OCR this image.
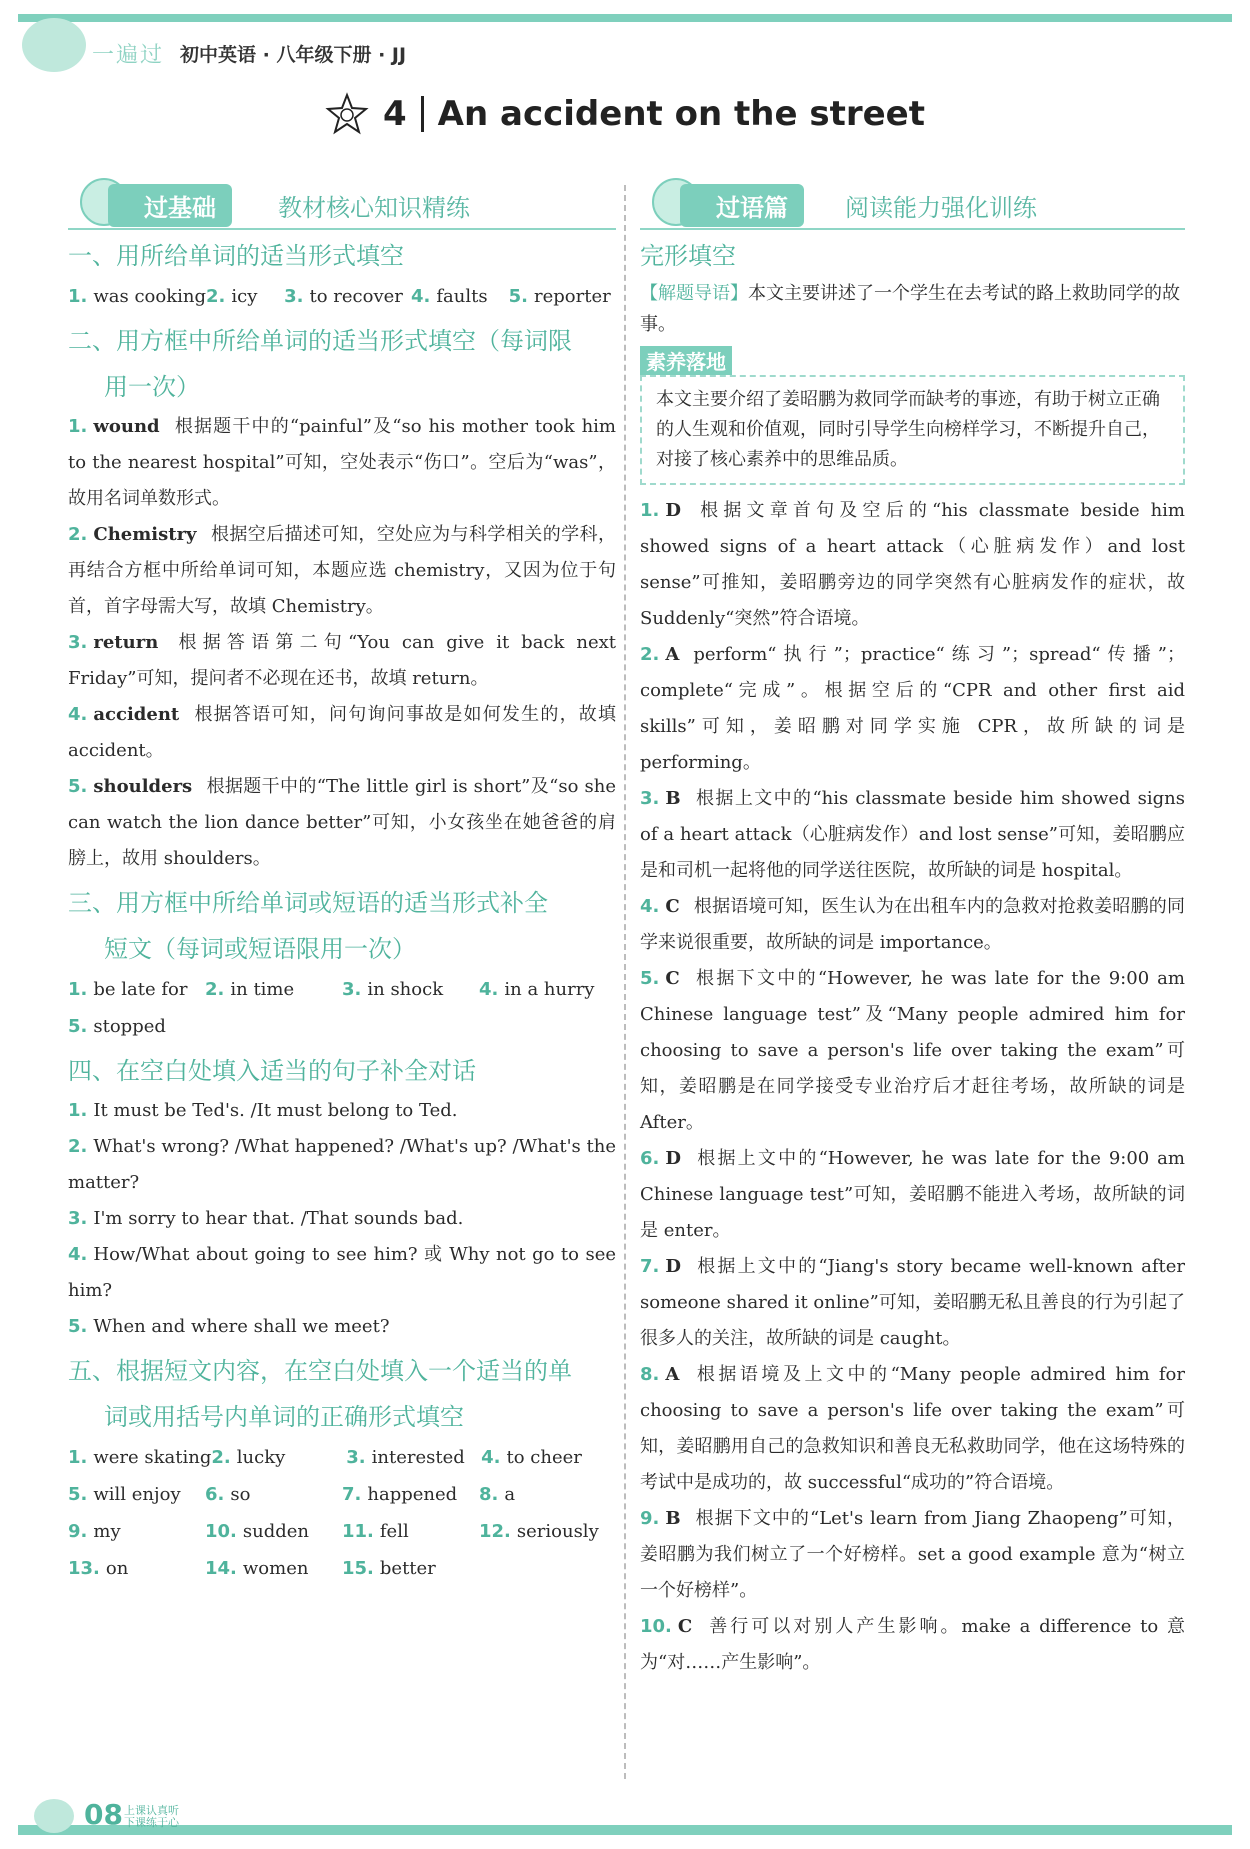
一遍过 初中英语 · 八年级下册 · JJ
4 An accident on the street
过基础	教材核心知识精练
一、用所给单词的适当形式填空
1. was cooking 2. icy	3. to recover 4. faults	5. reporter
二、用方框中所给单词的适当形式填空（每词限
用一次）

1. wound 根据题干中的“painful”及“so his mother took him to the nearest hospital”可知，空处表示“伤口”。空后为“was”，故用名词单数形式。

2. Chemistry 根据空后描述可知，空处应为与科学相关的学科，再结合方框中所给单词可知，本题应选 chemistry，又因为位于句首，首字母需大写，故填 Chemistry。

3. return 根据答语第二句“You can give it back next Friday”可知，提问者不必现在还书，故填 return。

4. accident 根据答语可知，问句询问事故是如何发生的，故填 accident。

5. shoulders 根据题干中的“The little girl is short”及“so she can watch the lion dance better”可知，小女孩坐在她爸爸的肩膀上，故用 shoulders。

三、用方框中所给单词或短语的适当形式补全
短文（每词或短语限用一次）
1. be late for 2. in time	3. in shock	4. in a hurry
5. stopped
四、在空白处填入适当的句子补全对话

1. It must be Ted's. /It must belong to Ted.

2. What's wrong? /What happened? /What's up? /What's the matter?

3. I'm sorry to hear that. /That sounds bad.

4. How/What about going to see him? 或 Why not go to see him?

5. When and where shall we meet?

五、根据短文内容，在空白处填入一个适当的单
词或用括号内单词的正确形式填空
1. were skating 2. lucky	3. interested 4. to cheer
5. will enjoy	6. so	7. happened	8. a
9. my	10. sudden	11. fell	12. seriously
13. on	14. women	15. better
过语篇	阅读能力强化训练
完形填空

【解题导语】本文主要讲述了一个学生在去考试的路上救助同学的故事。

素养落地
本文主要介绍了姜昭鹏为救同学而缺考的事迹，有助于树立正确的人生观和价值观，同时引导学生向榜样学习，不断提升自己，对接了核心素养中的思维品质。

1. D 根据文章首句及空后的“his classmate beside him showed signs of a heart attack（心脏病发作）and lost sense”可推知，姜昭鹏旁边的同学突然有心脏病发作的症状，故 Suddenly“突然”符合语境。

2. A perform“执行”；practice“练习”；spread“传播”；complete“完成”。根据空后的“CPR and other first aid skills”可知，姜昭鹏对同学实施 CPR，故所缺的词是 performing。

3. B 根据上文中的“his classmate beside him showed signs of a heart attack（心脏病发作）and lost sense”可知，姜昭鹏应是和司机一起将他的同学送往医院，故所缺的词是 hospital。

4. C 根据语境可知，医生认为在出租车内的急救对抢救姜昭鹏的同学来说很重要，故所缺的词是 importance。

5. C 根据下文中的“However, he was late for the 9:00 am Chinese language test”及“Many people admired him for choosing to save a person's life over taking the exam”可知，姜昭鹏是在同学接受专业治疗后才赶往考场，故所缺的词是 After。

6. D 根据上文中的“However, he was late for the 9:00 am Chinese language test”可知，姜昭鹏不能进入考场，故所缺的词是 enter。

7. D 根据上文中的“Jiang's story became well-known after someone shared it online”可知，姜昭鹏无私且善良的行为引起了很多人的关注，故所缺的词是 caught。

8. A 根据语境及上文中的“Many people admired him for choosing to save a person's life over taking the exam”可知，姜昭鹏用自己的急救知识和善良无私救助同学，他在这场特殊的考试中是成功的，故 successful“成功的”符合语境。

9. B 根据下文中的“Let's learn from Jiang Zhaopeng”可知，姜昭鹏为我们树立了一个好榜样。set a good example 意为“树立一个好榜样”。

10. C 善行可以对别人产生影响。make a difference to 意为“对……产生影响”。

08 上课认真听 下课练于心
